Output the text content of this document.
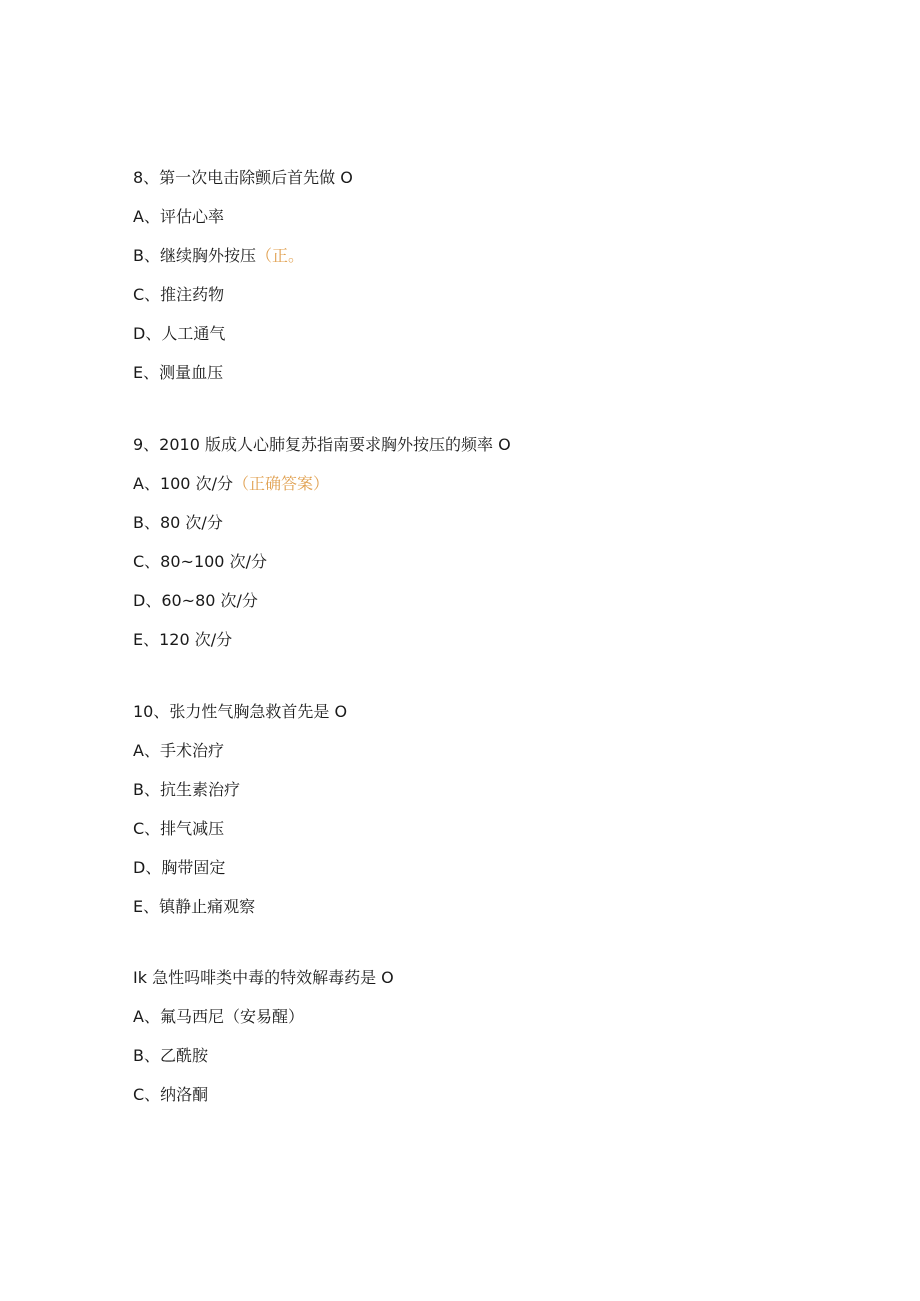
8、第一次电击除颤后首先做 O
A、评估心率
B、继续胸外按压（正。
C、推注药物
D、人工通气
E、测量血压
9、2010 版成人心肺复苏指南要求胸外按压的频率 O
A、100 次/分（正确答案）
B、80 次/分
C、80~100 次/分
D、60~80 次/分
E、120 次/分
10、张力性气胸急救首先是 O
A、手术治疗
B、抗生素治疗
C、排气减压
D、胸带固定
E、镇静止痛观察
Ik 急性吗啡类中毒的特效解毒药是 O
A、氟马西尼（安易醒）
B、乙酰胺
C、纳洛酮
